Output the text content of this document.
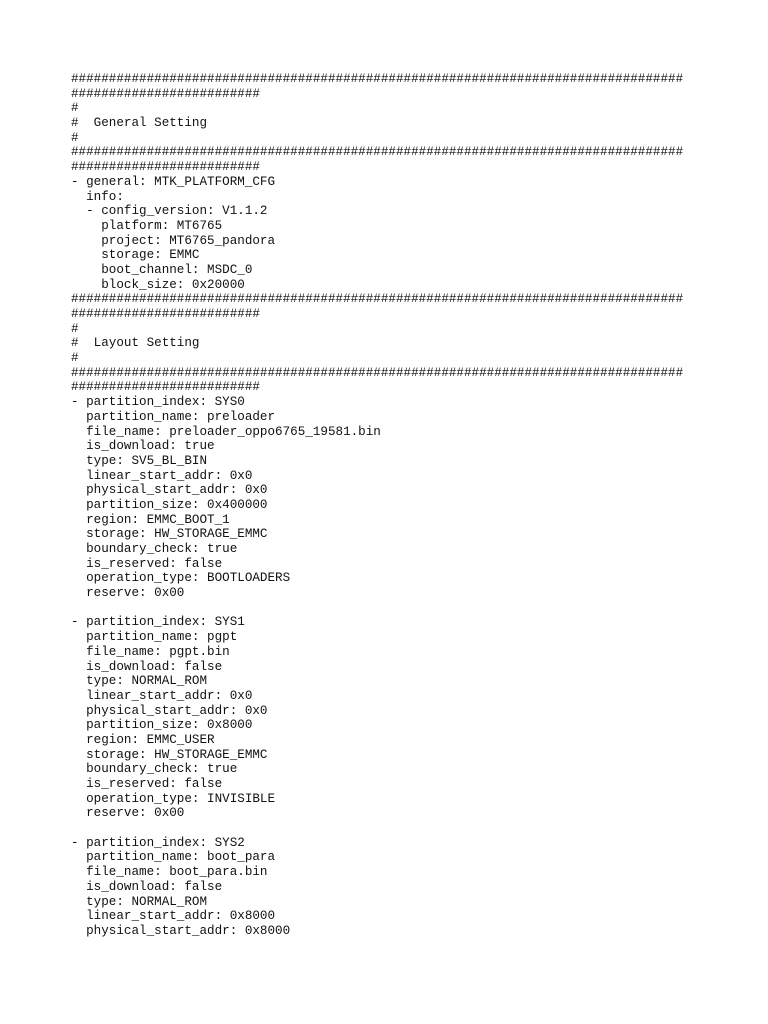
#################################################################################
#########################
#
#  General Setting
#
#################################################################################
#########################
- general: MTK_PLATFORM_CFG
info:
- config_version: V1.1.2
platform: MT6765
project: MT6765_pandora
storage: EMMC
boot_channel: MSDC_0
block_size: 0x20000
#################################################################################
#########################
#
#  Layout Setting
#
#################################################################################
#########################
- partition_index: SYS0
partition_name: preloader
file_name: preloader_oppo6765_19581.bin
is_download: true
type: SV5_BL_BIN
linear_start_addr: 0x0
physical_start_addr: 0x0
partition_size: 0x400000
region: EMMC_BOOT_1
storage: HW_STORAGE_EMMC
boundary_check: true
is_reserved: false
operation_type: BOOTLOADERS
reserve: 0x00
- partition_index: SYS1
partition_name: pgpt
file_name: pgpt.bin
is_download: false
type: NORMAL_ROM
linear_start_addr: 0x0
physical_start_addr: 0x0
partition_size: 0x8000
region: EMMC_USER
storage: HW_STORAGE_EMMC
boundary_check: true
is_reserved: false
operation_type: INVISIBLE
reserve: 0x00
- partition_index: SYS2
partition_name: boot_para
file_name: boot_para.bin
is_download: false
type: NORMAL_ROM
linear_start_addr: 0x8000
physical_start_addr: 0x8000
